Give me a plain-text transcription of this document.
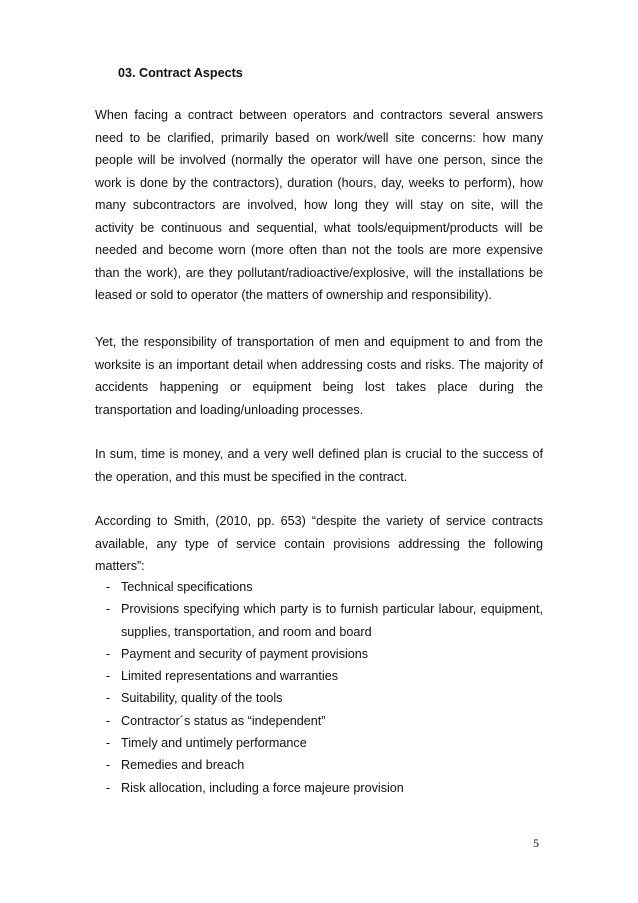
03. Contract Aspects

When facing a contract between operators and contractors several answers need to be clarified, primarily based on work/well site concerns: how many people will be involved (normally the operator will have one person, since the work is done by the contractors), duration (hours, day, weeks to perform), how many subcontractors are involved, how long they will stay on site, will the activity be continuous and sequential, what tools/equipment/products will be needed and become worn (more often than not the tools are more expensive than the work), are they pollutant/radioactive/explosive, will the installations be leased or sold to operator (the matters of ownership and responsibility).

Yet, the responsibility of transportation of men and equipment to and from the worksite is an important detail when addressing costs and risks. The majority of accidents happening or equipment being lost takes place during the transportation and loading/unloading processes.

In sum, time is money, and a very well defined plan is crucial to the success of the operation, and this must be specified in the contract.

According to Smith, (2010, pp. 653) “despite the variety of service contracts available, any type of service contain provisions addressing the following matters”:

- Technical specifications
- Provisions specifying which party is to furnish particular labour, equipment, supplies, transportation, and room and board
- Payment and security of payment provisions
- Limited representations and warranties
- Suitability, quality of the tools
- Contractor´s status as “independent”
- Timely and untimely performance
- Remedies and breach
- Risk allocation, including a force majeure provision
5
